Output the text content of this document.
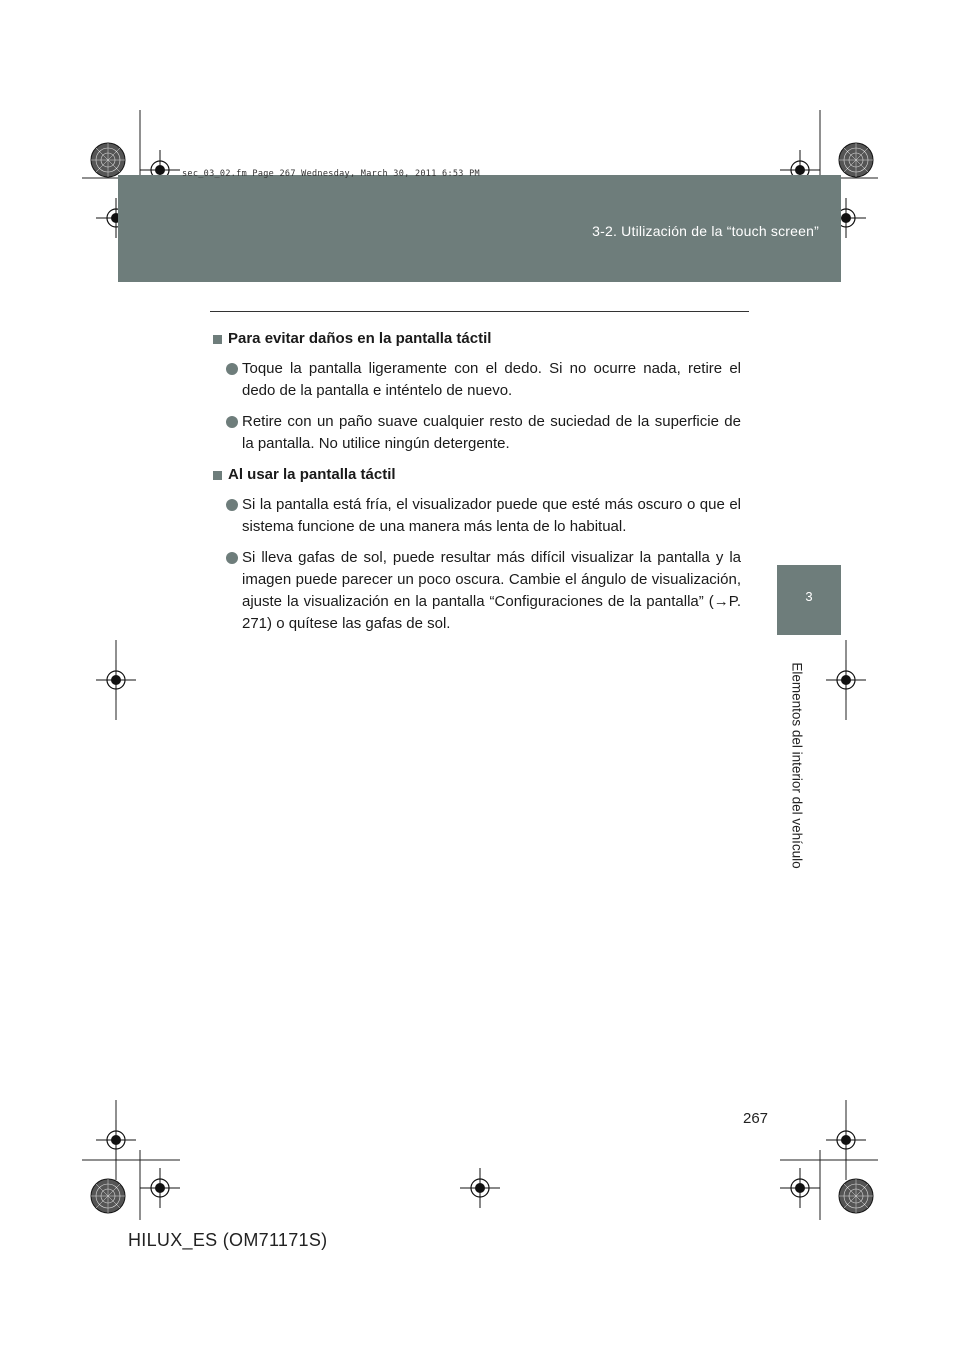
3-2. Utilización de la “touch screen”
sec_03_02.fm Page 267 Wednesday, March 30, 2011 6:53 PM
3
Elementos del interior del vehículo
Para evitar daños en la pantalla táctil
Toque la pantalla ligeramente con el dedo. Si no ocurre nada, retire el dedo de la pantalla e inténtelo de nuevo.
Retire con un paño suave cualquier resto de suciedad de la superficie de la pantalla. No utilice ningún detergente.
Al usar la pantalla táctil
Si la pantalla está fría, el visualizador puede que esté más oscuro o que el sistema funcione de una manera más lenta de lo habitual.
Si lleva gafas de sol, puede resultar más difícil visualizar la pantalla y la imagen puede parecer un poco oscura. Cambie el ángulo de visualización, ajuste la visualización en la pantalla “Configuraciones de la pantalla” (→P. 271) o quítese las gafas de sol.
267
HILUX_ES (OM71171S)
